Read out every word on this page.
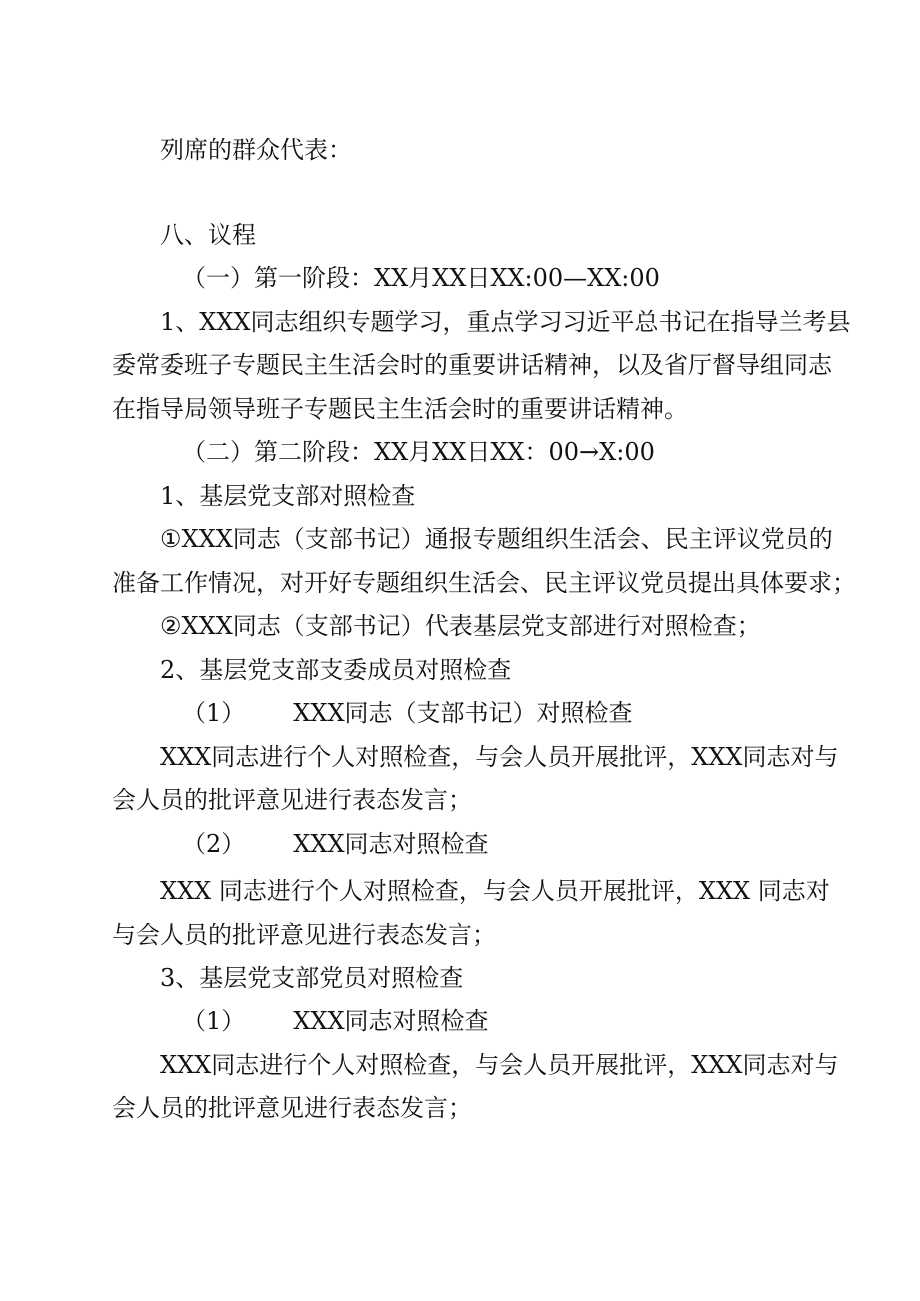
列席的群众代表：
八、议程
（一）第一阶段：XX月XX日XX:00—XX:00
1、XXX同志组织专题学习，重点学习习近平总书记在指导兰考县
委常委班子专题民主生活会时的重要讲话精神，以及省厅督导组同志
在指导局领导班子专题民主生活会时的重要讲话精神。
（二）第二阶段：XX月XX日XX：00→X:00
1、基层党支部对照检查
①XXX同志（支部书记）通报专题组织生活会、民主评议党员的
准备工作情况，对开好专题组织生活会、民主评议党员提出具体要求；
②XXX同志（支部书记）代表基层党支部进行对照检查；
2、基层党支部支委成员对照检查
（1） XXX同志（支部书记）对照检查
XXX同志进行个人对照检查，与会人员开展批评，XXX同志对与
会人员的批评意见进行表态发言；
（2） XXX同志对照检查
XXX 同志进行个人对照检查，与会人员开展批评，XXX 同志对
与会人员的批评意见进行表态发言；
3、基层党支部党员对照检查
（1） XXX同志对照检查
XXX同志进行个人对照检查，与会人员开展批评，XXX同志对与
会人员的批评意见进行表态发言；
